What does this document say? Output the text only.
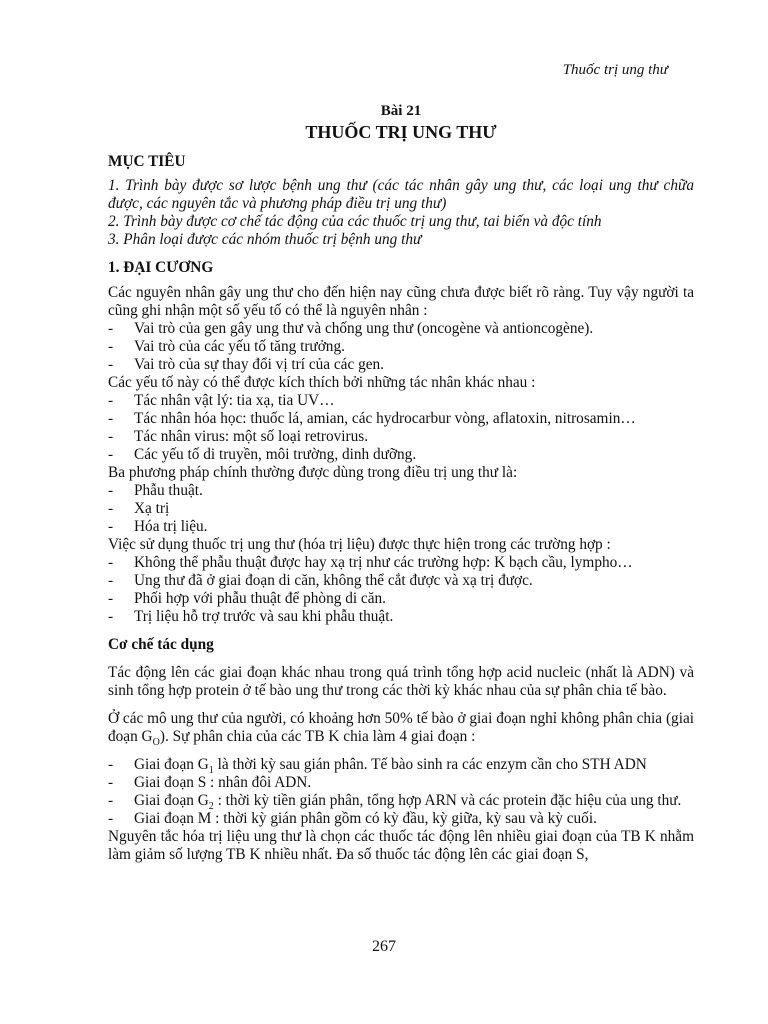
Thuốc trị ung thư
Bài 21
THUỐC TRỊ UNG THƯ
MỤC TIÊU
1. Trình bày được sơ lược bệnh ung thư (các tác nhân gây ung thư, các loại ung thư chữa được, các nguyên tắc và phương pháp điều trị ung thư)
2. Trình bày được cơ chế tác động của các thuốc trị ung thư, tai biến và độc tính
3. Phân loại được các nhóm thuốc trị bệnh ung thư
1. ĐẠI CƯƠNG
Các nguyên nhân gây ung thư cho đến hiện nay cũng chưa được biết rõ ràng. Tuy vậy người ta cũng ghi nhận một số yếu tố có thể là nguyên nhân :
-	Vai trò của gen gây ung thư và chống ung thư (oncogène và antioncogène).
-	Vai trò của các yếu tố tăng trưởng.
-	Vai trò của sự thay đổi vị trí của các gen.
Các yếu tố này có thể được kích thích bởi những tác nhân khác nhau :
-	Tác nhân vật lý: tia xạ, tia UV…
-	Tác nhân hóa học: thuốc lá, amian, các hydrocarbur vòng, aflatoxin, nitrosamin…
-	Tác nhân virus: một số loại retrovirus.
-	Các yếu tố di truyền, môi trường, dinh dưỡng.
Ba phương pháp chính thường được dùng trong điều trị ung thư là:
-	Phẫu thuật.
-	Xạ trị
-	Hóa trị liệu.
Việc sử dụng thuốc trị ung thư (hóa trị liệu) được thực hiện trong các trường hợp :
-	Không thể phẫu thuật được hay xạ trị như các trường hợp: K bạch cầu, lympho…
-	Ung thư đã ở giai đoạn di căn, không thể cắt được và xạ trị được.
-	Phối hợp với phẫu thuật để phòng di căn.
-	Trị liệu hỗ trợ trước và sau khi phẫu thuật.
Cơ chế tác dụng
Tác động lên các giai đoạn khác nhau trong quá trình tổng hợp acid nucleic (nhất là ADN) và sinh tổng hợp protein ở tế bào ung thư trong các thời kỳ khác nhau của sự phân chia tế bào.
Ở các mô ung thư của người, có khoảng hơn 50% tế bào ở giai đoạn nghỉ không phân chia (giai đoạn $G_O$). Sự phân chia của các TB K chia làm 4 giai đoạn :
-	Giai đoạn $G_1$ là thời kỳ sau gián phân. Tế bào sinh ra các enzym cần cho STH ADN
-	Giai đoạn S : nhân đôi ADN.
-	Giai đoạn $G_2$ : thời kỳ tiền gián phân, tổng hợp ARN và các protein đặc hiệu của ung thư.
-	Giai đoạn M : thời kỳ gián phân gồm có kỳ đầu, kỳ giữa, kỳ sau và kỳ cuối.
Nguyên tắc hóa trị liệu ung thư là chọn các thuốc tác động lên nhiều giai đoạn của TB K nhằm làm giảm số lượng TB K nhiều nhất. Đa số thuốc tác động lên các giai đoạn S,
267
